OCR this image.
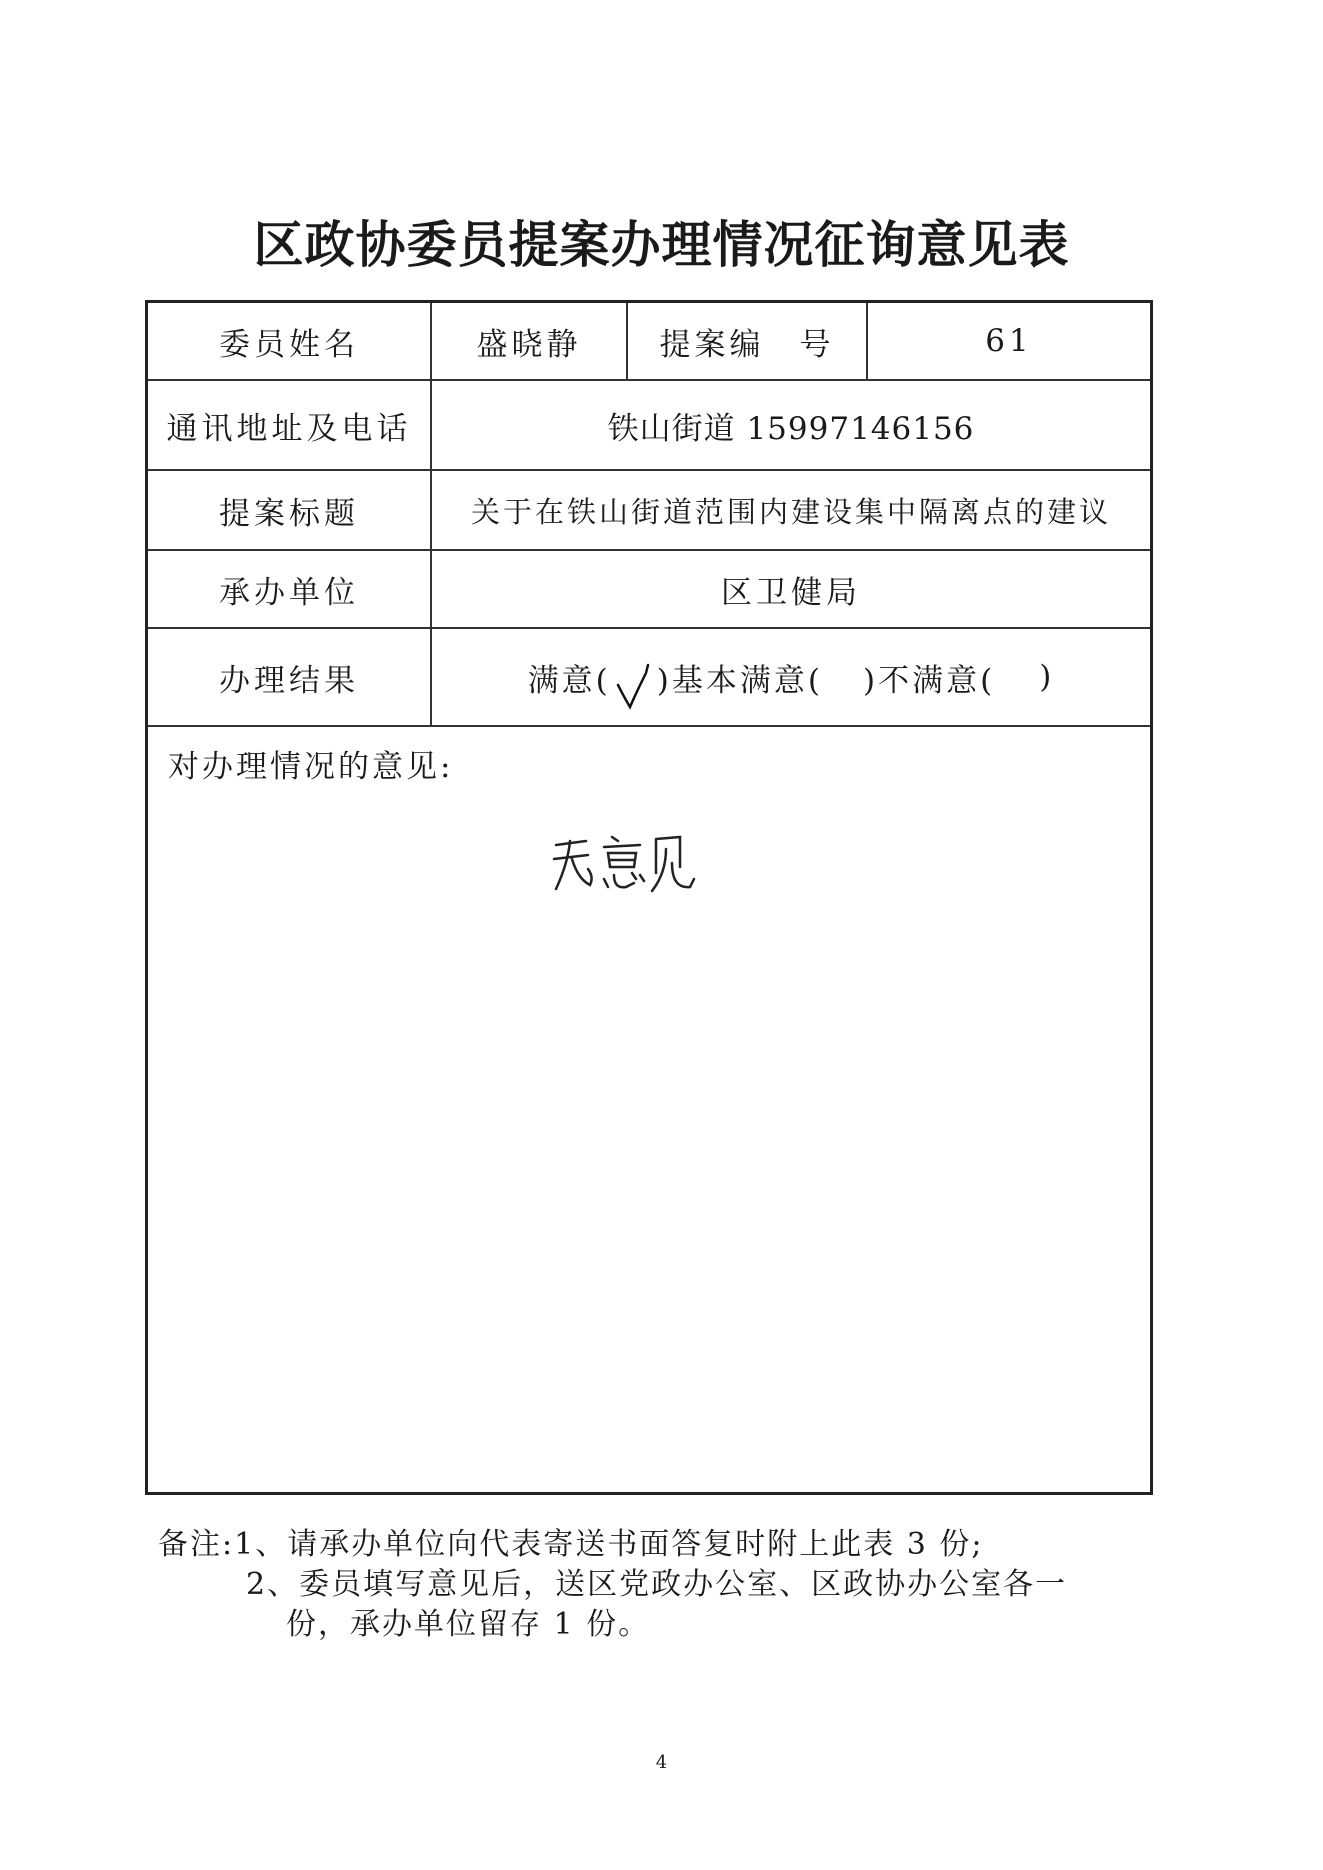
区政协委员提案办理情况征询意见表
委员姓名	盛晓静	提案编　号	61
通讯地址及电话	铁山街道 15997146156
提案标题	关于在铁山街道范围内建设集中隔离点的建议
承办单位	区卫健局
办理结果	满意( )基本满意( )不满意( )
对办理情况的意见:
备注:1、请承办单位向代表寄送书面答复时附上此表 3 份;
2、委员填写意见后，送区党政办公室、区政协办公室各一
份，承办单位留存 1 份。
4
